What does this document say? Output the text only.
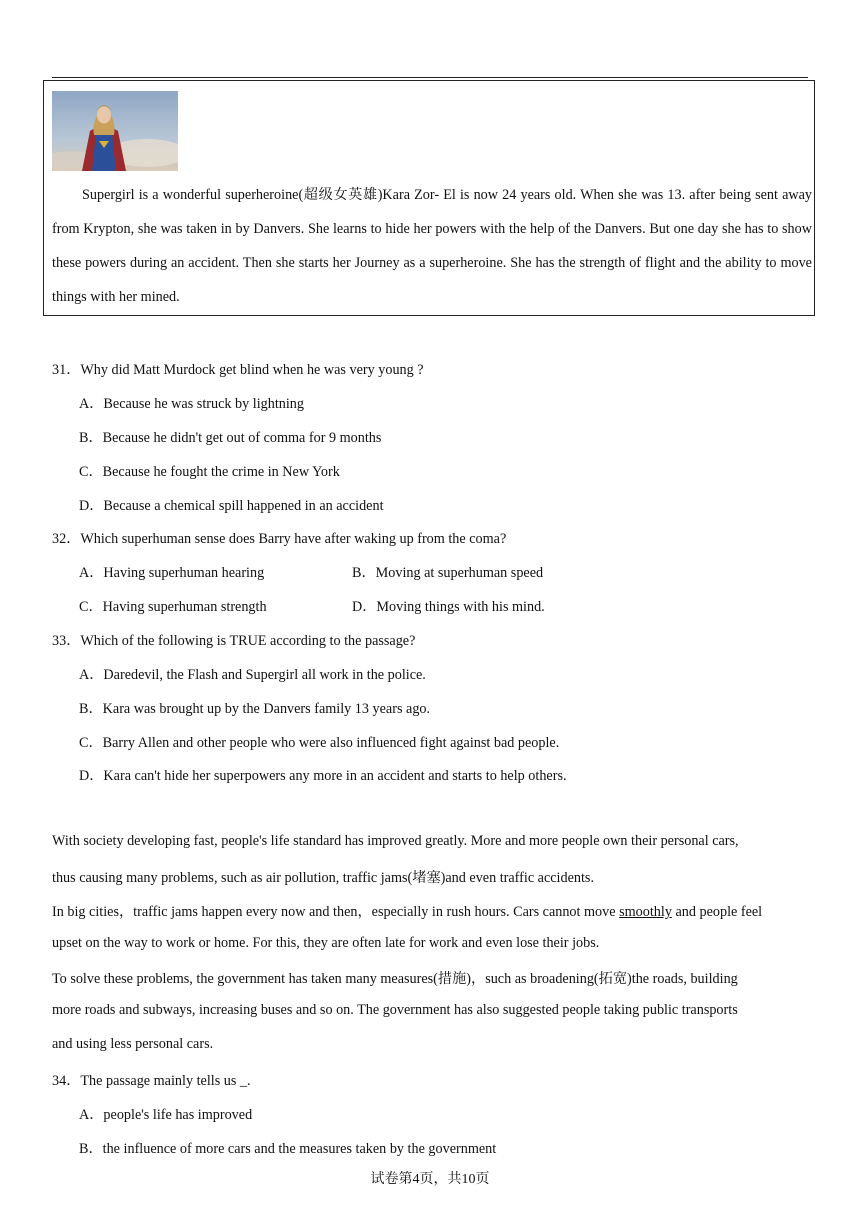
Supergirl is a wonderful superheroine(超级女英雄)Kara Zor- El is now 24 years old. When she was 13. after being sent away from Krypton, she was taken in by Danvers. She learns to hide her powers with the help of the Danvers. But one day she has to show these powers during an accident. Then she starts her Journey as a superheroine. She has the strength of flight and the ability to move things with her mined.
31．Why did Matt Murdock get blind when he was very young ?
A．Because he was struck by lightning
B．Because he didn't get out of comma for 9 months
C．Because he fought the crime in New York
D．Because a chemical spill happened in an accident
32．Which superhuman sense does Barry have after waking up from the coma?
A．Having superhuman hearing	B．Moving at superhuman speed
C．Having superhuman strength	D．Moving things with his mind.
33．Which of the following is TRUE according to the passage?
A．Daredevil, the Flash and Supergirl all work in the police.
B．Kara was brought up by the Danvers family 13 years ago.
C．Barry Allen and other people who were also influenced fight against bad people.
D．Kara can't hide her superpowers any more in an accident and starts to help others.
With society developing fast, people's life standard has improved greatly. More and more people own their personal cars,
thus causing many problems, such as air pollution, traffic jams(堵塞)and even traffic accidents.
In big cities，traffic jams happen every now and then，especially in rush hours. Cars cannot move smoothly and people feel
upset on the way to work or home. For this, they are often late for work and even lose their jobs.
To solve these problems, the government has taken many measures(措施)，such as broadening(拓宽)the roads, building
more roads and subways, increasing buses and so on. The government has also suggested people taking public transports
and using less personal cars.
34．The passage mainly tells us _.
A．people's life has improved
B．the influence of more cars and the measures taken by the government
试卷第4页，共10页
